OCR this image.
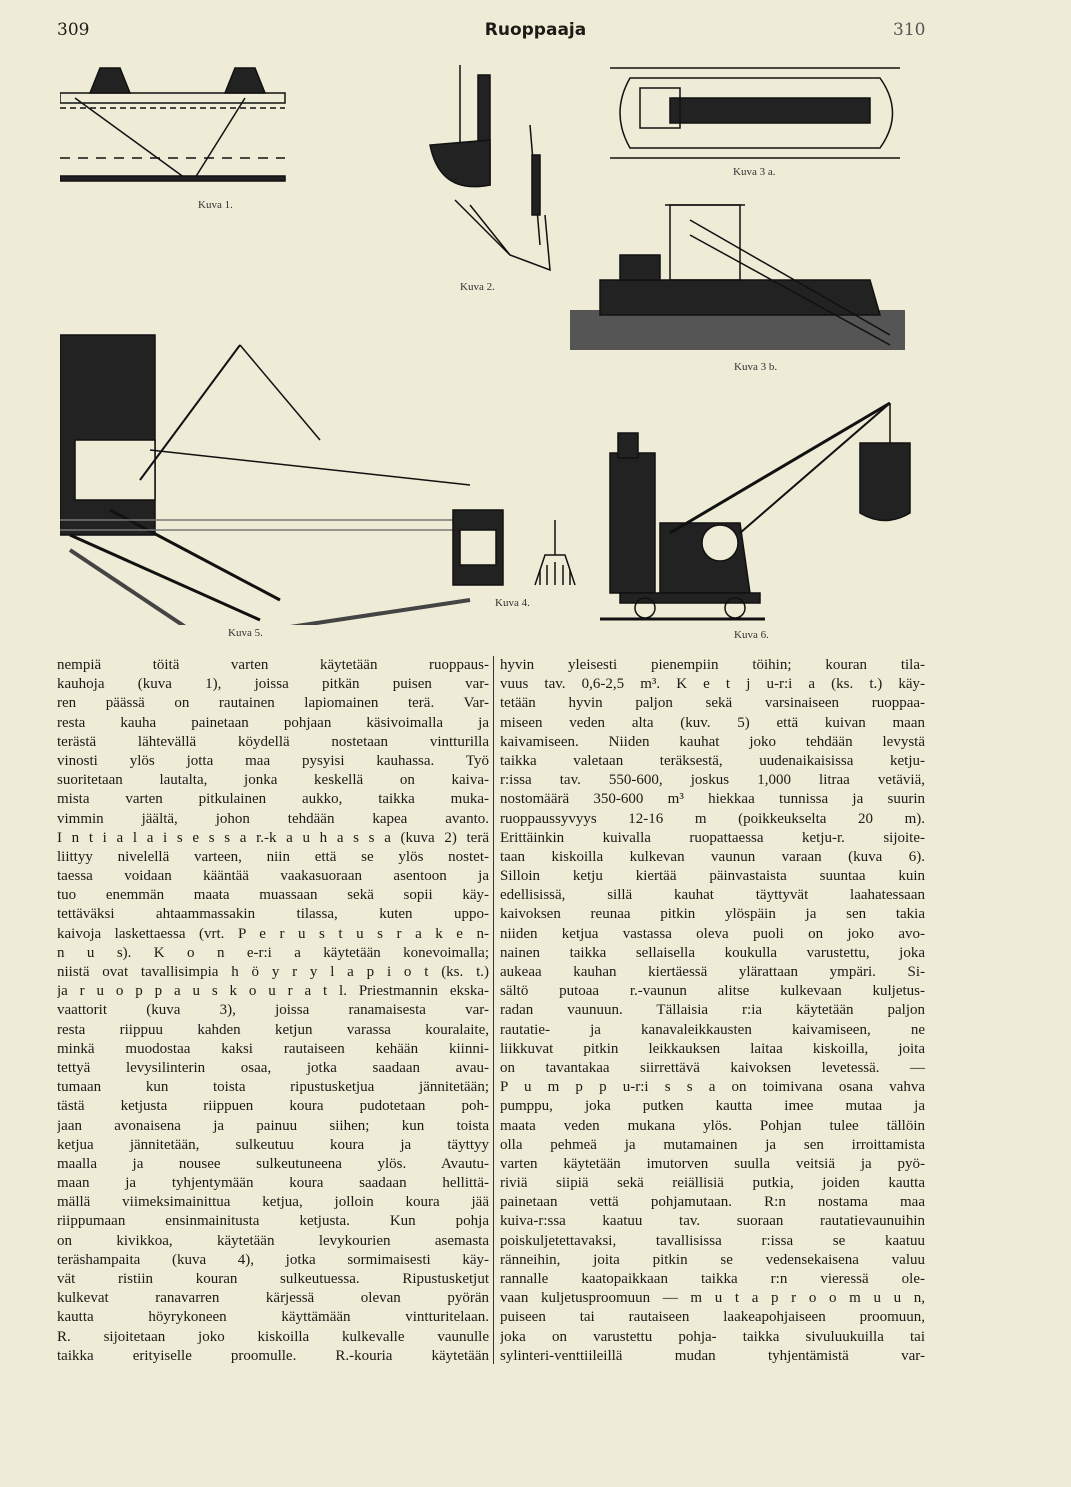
309	Ruoppaaja	310
Kuva 1.
Kuva 2.
Kuva 3 a.
Kuva 3 b.
Kuva 5.
Kuva 4.
Kuva 6.
nempiä töitä varten käytetään ruoppaus-
kauhoja (kuva 1), joissa pitkän puisen var-
ren päässä on rautainen lapiomainen terä. Var-
resta kauha painetaan pohjaan käsivoimalla ja
terästä lähtevällä köydellä nostetaan vintturilla
vinosti ylös jotta maa pysyisi kauhassa. Työ
suoritetaan lautalta, jonka keskellä on kaiva-
mista varten pitkulainen aukko, taikka muka-
vimmin jäältä, johon tehdään kapea avanto.
I n t i a l a i s e s s a r.-k a u h a s s a (kuva 2) terä
liittyy nivelellä varteen, niin että se ylös nostet-
taessa voidaan kääntää vaakasuoraan asentoon ja
tuo enemmän maata muassaan sekä sopii käy-
tettäväksi ahtaammassakin tilassa, kuten uppo-
kaivoja laskettaessa (vrt. P e r u s t u s r a k e n-
n u s). K o n e-r:i a käytetään konevoimalla;
niistä ovat tavallisimpia h ö y r y l a p i o t (ks. t.)
ja r u o p p a u s k o u r a t l. Priestmannin ekska-
vaattorit (kuva 3), joissa ranamaisesta var-
resta riippuu kahden ketjun varassa kouralaite,
minkä muodostaa kaksi rautaiseen kehään kiinni-
tettyä levysilinterin osaa, jotka saadaan avau-
tumaan kun toista ripustusketjua jännitetään;
tästä ketjusta riippuen koura pudotetaan poh-
jaan avonaisena ja painuu siihen; kun toista
ketjua jännitetään, sulkeutuu koura ja täyttyy
maalla ja nousee sulkeutuneena ylös. Avautu-
maan ja tyhjentymään koura saadaan hellittä-
mällä viimeksimainittua ketjua, jolloin koura jää
riippumaan ensinmainitusta ketjusta. Kun pohja
on kivikkoa, käytetään levykourien asemasta
teräshampaita (kuva 4), jotka sormimaisesti käy-
vät ristiin kouran sulkeutuessa. Ripustusketjut
kulkevat ranavarren kärjessä olevan pyörän
kautta höyrykoneen käyttämään vintturitelaan.
R. sijoitetaan joko kiskoilla kulkevalle vaunulle
taikka erityiselle proomulle. R.-kouria käytetään
hyvin yleisesti pienempiin töihin; kouran tila-
vuus tav. 0,6-2,5 m³. K e t j u-r:i a (ks. t.) käy-
tetään hyvin paljon sekä varsinaiseen ruoppaa-
miseen veden alta (kuv. 5) että kuivan maan
kaivamiseen. Niiden kauhat joko tehdään levystä
taikka valetaan teräksestä, uudenaikaisissa ketju-
r:issa tav. 550-600, joskus 1,000 litraa vetäviä,
nostomäärä 350-600 m³ hiekkaa tunnissa ja suurin
ruoppaussyvyys 12-16 m (poikkeukselta 20 m).
Erittäinkin kuivalla ruopattaessa ketju-r. sijoite-
taan kiskoilla kulkevan vaunun varaan (kuva 6).
Silloin ketju kiertää päinvastaista suuntaa kuin
edellisissä, sillä kauhat täyttyvät laahatessaan
kaivoksen reunaa pitkin ylöspäin ja sen takia
niiden ketjua vastassa oleva puoli on joko avo-
nainen taikka sellaisella koukulla varustettu, joka
aukeaa kauhan kiertäessä ylärattaan ympäri. Si-
sältö putoaa r.-vaunun alitse kulkevaan kuljetus-
radan vaunuun. Tällaisia r:ia käytetään paljon
rautatie- ja kanavaleikkausten kaivamiseen, ne
liikkuvat pitkin leikkauksen laitaa kiskoilla, joita
on tavantakaa siirrettävä kaivoksen levetessä. —
P u m p p u-r:i s s a on toimivana osana vahva
pumppu, joka putken kautta imee mutaa ja
maata veden mukana ylös. Pohjan tulee tällöin
olla pehmeä ja mutamainen ja sen irroittamista
varten käytetään imutorven suulla veitsiä ja pyö-
riviä siipiä sekä reiällisiä putkia, joiden kautta
painetaan vettä pohjamutaan. R:n nostama maa
kuiva-r:ssa kaatuu tav. suoraan rautatievaunuihin
poiskuljetettavaksi, tavallisissa r:issa se kaatuu
ränneihin, joita pitkin se vedensekaisena valuu
rannalle kaatopaikkaan taikka r:n vieressä ole-
vaan kuljetusproomuun — m u t a p r o o m u u n,
puiseen tai rautaiseen laakeapohjaiseen proomuun,
joka on varustettu pohja- taikka sivuluukuilla tai
sylinteri-venttiileillä mudan tyhjentämistä var-
